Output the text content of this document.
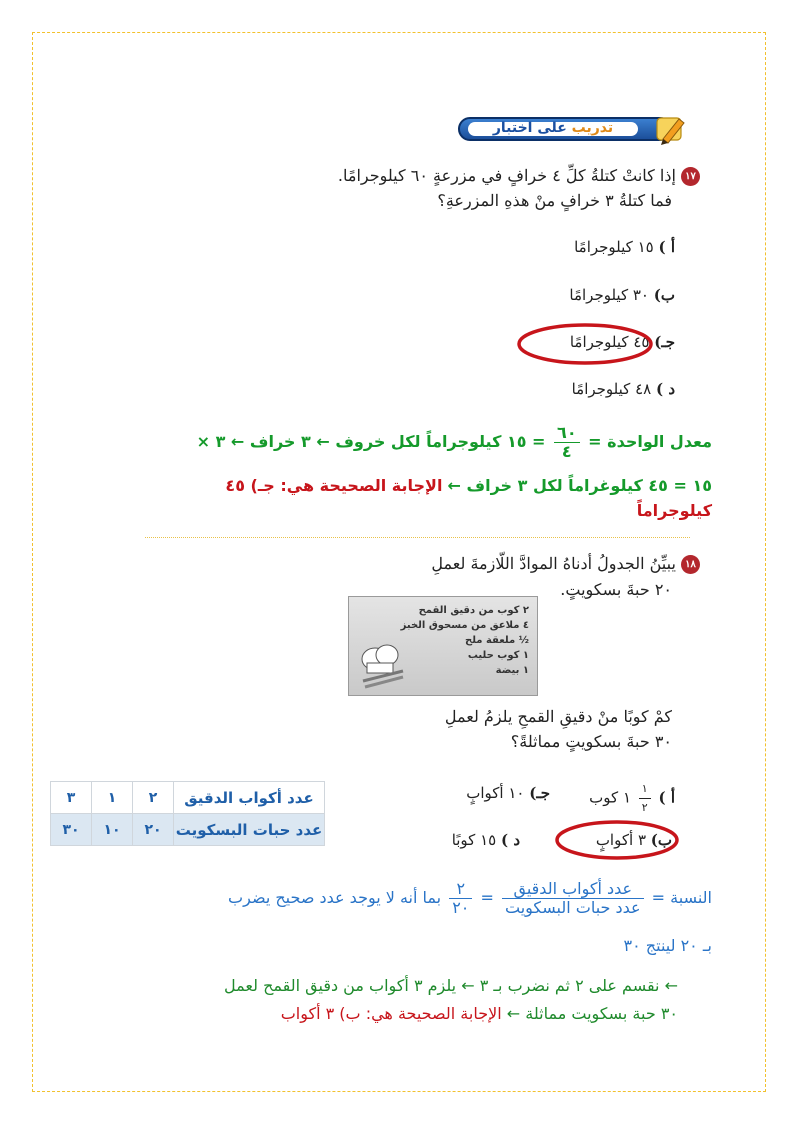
تدريب على اختبار
١٧ إذا كانتْ كتلةُ كلِّ ٤ خرافٍ في مزرعةٍ ٦٠ كيلوجرامًا.
فما كتلةُ ٣ خرافٍ منْ هذهِ المزرعةِ؟
أ ) ١٥ كيلوجرامًا
ب) ٣٠ كيلوجرامًا
جـ) ٤٥ كيلوجرامًا
د ) ٤٨ كيلوجرامًا
معدل الواحدة =
$\frac{٦٠}{٤}$
= ١٥ كيلوجراماً لكل خروف ← ٣ خراف ← ٣ ×
١٥ = ٤٥ كيلوغراماً لكل ٣ خراف ← الإجابة الصحيحة هي: جـ) ٤٥
كيلوجراماً
١٨ يبيِّنُ الجدولُ أدناهُ الموادَّ اللّازمةَ لعملِ
٢٠ حبةَ بسكويتٍ.
٢ كوب من دقيق القمح
٤ ملاعق من مسحوق الخبز
½ ملعقة ملح
١ كوب حليب
١ بيضة
كمْ كوبًا منْ دقيقِ القمحِ يلزمُ لعملِ
٣٠ حبةَ بسكويتٍ مماثلةً؟
أ )
$\frac{١}{٢}$
١ كوب
جـ) ١٠ أكوابٍ
ب) ٣ أكوابٍ
د ) ١٥ كوبًا
عدد أكواب الدقيق	٢	١	٣
عدد حبات البسكويت	٢٠	١٠	٣٠
النسبة =
$\frac{\text{عدد أكواب الدقيق}}{\text{عدد حبات البسكويت}}$
=
$\frac{٢}{٢٠}$
بما أنه لا يوجد عدد صحيح يضرب
بـ ٢٠ لينتج ٣٠
← نقسم على ٢ ثم نضرب بـ ٣ ← يلزم ٣ أكواب من دقيق القمح لعمل
٣٠ حبة بسكويت مماثلة ← الإجابة الصحيحة هي: ب) ٣ أكواب
